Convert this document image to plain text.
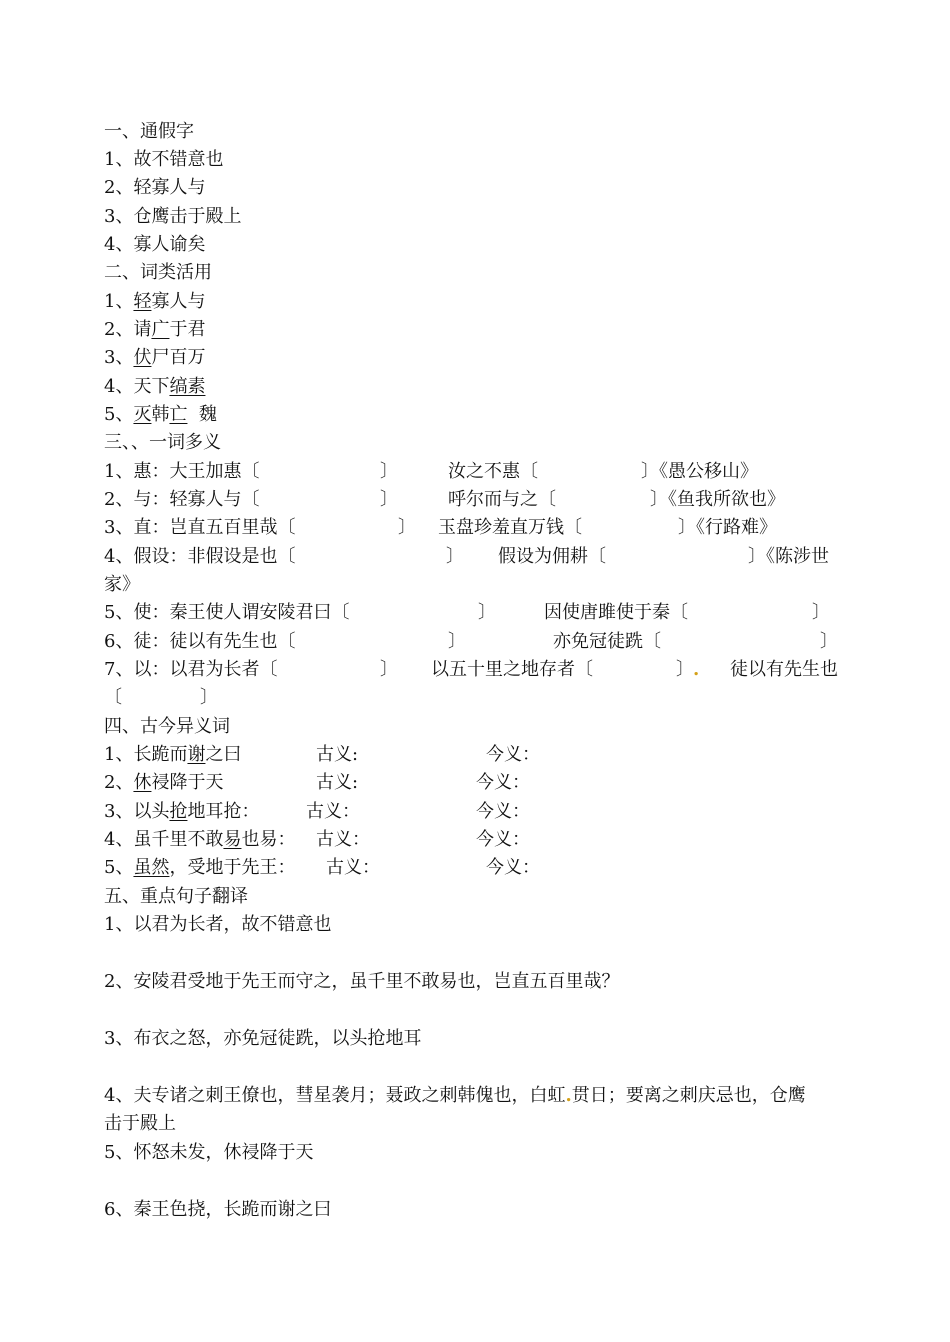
一、通假字
1、故不错意也
2、轻寡人与
3、仓鹰击于殿上
4、寡人谕矣
二、词类活用
1、轻寡人与
2、请广于君
3、伏尸百万
4、天下缟素
5、灭韩亡  魏
三、、一词多义
1、惠：大王加惠〔	〕	汝之不惠〔	〕《愚公移山》
2、与：轻寡人与〔	〕	呼尔而与之〔	〕《鱼我所欲也》
3、直：岂直五百里哉〔	〕 玉盘珍羞直万钱〔	〕《行路难》
4、假设：非假设是也〔	〕 假设为佣耕〔	〕《陈涉世
家》
5、使：秦王使人谓安陵君曰〔	〕	因使唐雎使于秦〔	〕
6、徒：徒以有先生也〔	〕	亦免冠徒跣〔	〕
7、以：以君为长者〔	〕 以五十里之地存者〔	〕 . 徒以有先生也
〔	〕
四、古今异义词
1、长跪而谢之曰	古义:	今义：
2、休祲降于天	古义:	今义：
3、以头抢地耳抢：	古义：	今义：
4、虽千里不敢易也易： 古义：	今义：
5、虽然，受地于先王： 古义：	今义：
五、重点句子翻译
1、以君为长者，故不错意也
2、安陵君受地于先王而守之，虽千里不敢易也，岂直五百里哉？
3、布衣之怒，亦免冠徒跣，以头抢地耳
4、夫专诸之刺王僚也，彗星袭月；聂政之刺韩傀也，白虹.贯日；要离之刺庆忌也，仓鹰
击于殿上
5、怀怒未发，休祲降于天
6、秦王色挠，长跪而谢之曰
